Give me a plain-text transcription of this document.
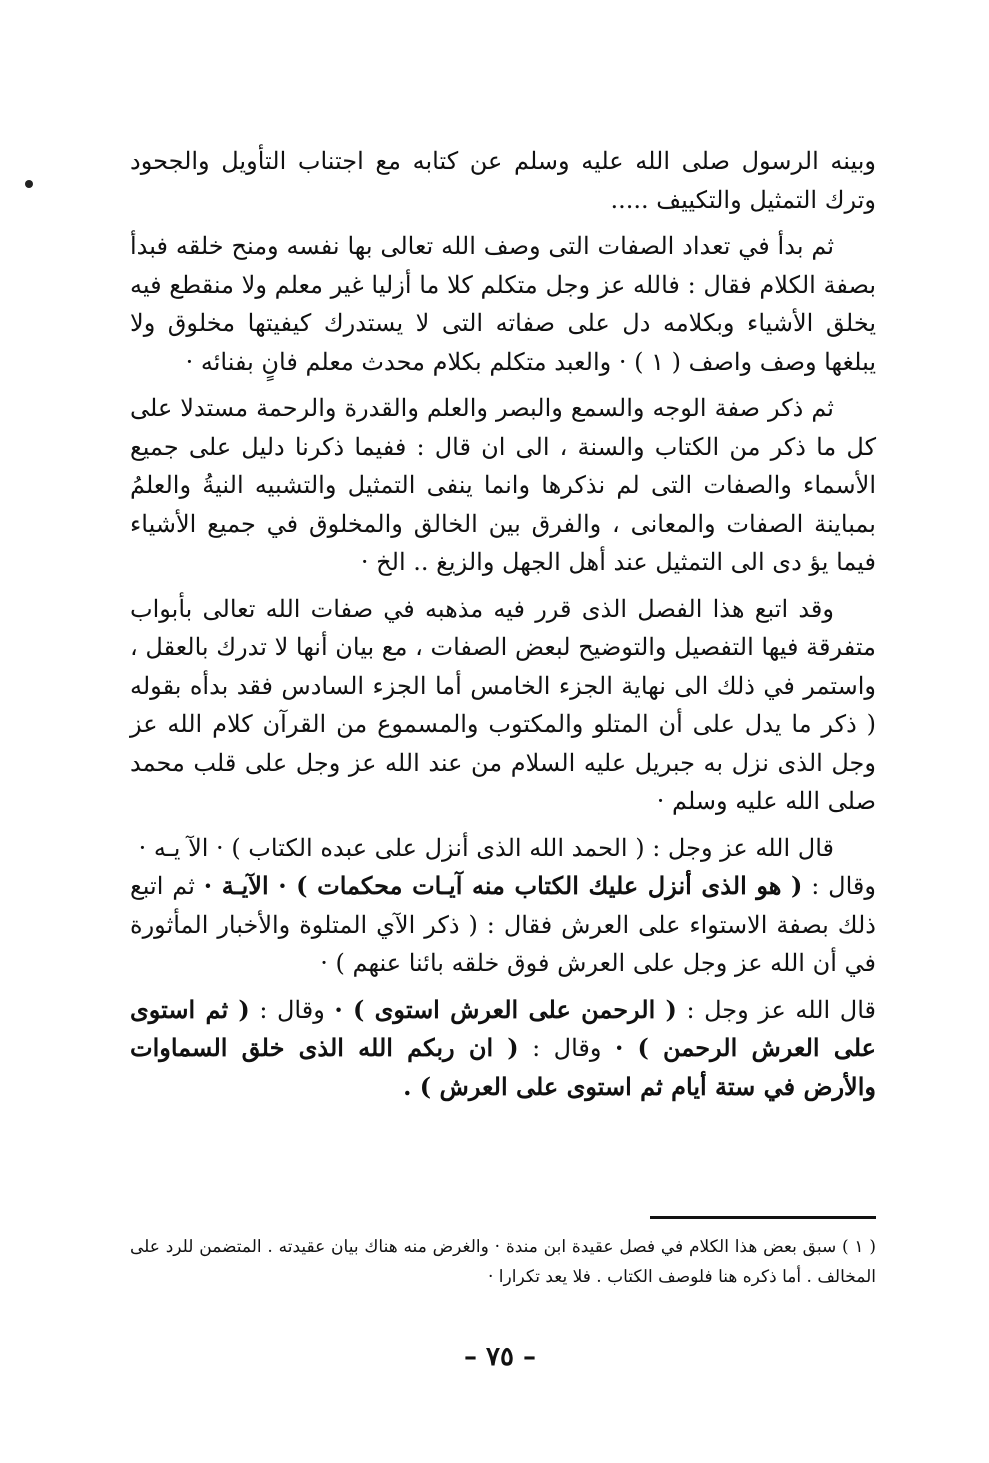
وبينه الرسول صلى الله عليه وسلم عن كتابه مع اجتناب التأويل والجحود وترك التمثيل والتكييف .....

ثم بدأ في تعداد الصفات التى وصف الله تعالى بها نفسه ومنح خلقه فبدأ بصفة الكلام فقال : فالله عز وجل متكلم كلا ما أزليا غير معلم ولا منقطع فيه يخلق الأشياء وبكلامه دل على صفاته التى لا يستدرك كيفيتها مخلوق ولا يبلغها وصف واصف ( ١ ) · والعبد متكلم بكلام محدث معلم فانٍ بفنائه ·

ثم ذكر صفة الوجه والسمع والبصر والعلم والقدرة والرحمة مستدلا على كل ما ذكر من الكتاب والسنة ، الى ان قال : ففيما ذكرنا دليل على جميع الأسماء والصفات التى لم نذكرها وانما ينفى التمثيل والتشبيه النيةُ والعلمُ بمباينة الصفات والمعانى ، والفرق بين الخالق والمخلوق في جميع الأشياء فيما يؤ دى الى التمثيل عند أهل الجهل والزيغ .. الخ ·

وقد اتبع هذا الفصل الذى قرر فيه مذهبه في صفات الله تعالى بأبواب متفرقة فيها التفصيل والتوضيح لبعض الصفات ، مع بيان أنها لا تدرك بالعقل ، واستمر في ذلك الى نهاية الجزء الخامس أما الجزء السادس فقد بدأه بقوله ( ذكر ما يدل على أن المتلو والمكتوب والمسموع من القرآن كلام الله عز وجل الذى نزل به جبريل عليه السلام من عند الله عز وجل على قلب محمد صلى الله عليه وسلم ·

قال الله عز وجل : ( الحمد الله الذى أنزل على عبده الكتاب ) · الآ يـه ·
وقال : ( هو الذى أنزل عليك الكتاب منه آيـات محكمات ) · الآيـة · ثم اتبع ذلك بصفة الاستواء على العرش فقال : ( ذكر الآي المتلوة والأخبار المأثورة في أن الله عز وجل على العرش فوق خلقه بائنا عنهم ) ·

قال الله عز وجل : ( الرحمن على العرش استوى ) · وقال : ( ثم استوى على العرش الرحمن ) · وقال : ( ان ربكم الله الذى خلق السماوات والأرض في ستة أيام ثم استوى على العرش ) .

( ١ ) سبق بعض هذا الكلام في فصل عقيدة ابن مندة · والغرض منه هناك بيان عقيدته . المتضمن للرد على المخالف . أما ذكره هنا فلوصف الكتاب . فلا يعد تكرارا ·

– ٧٥ –
